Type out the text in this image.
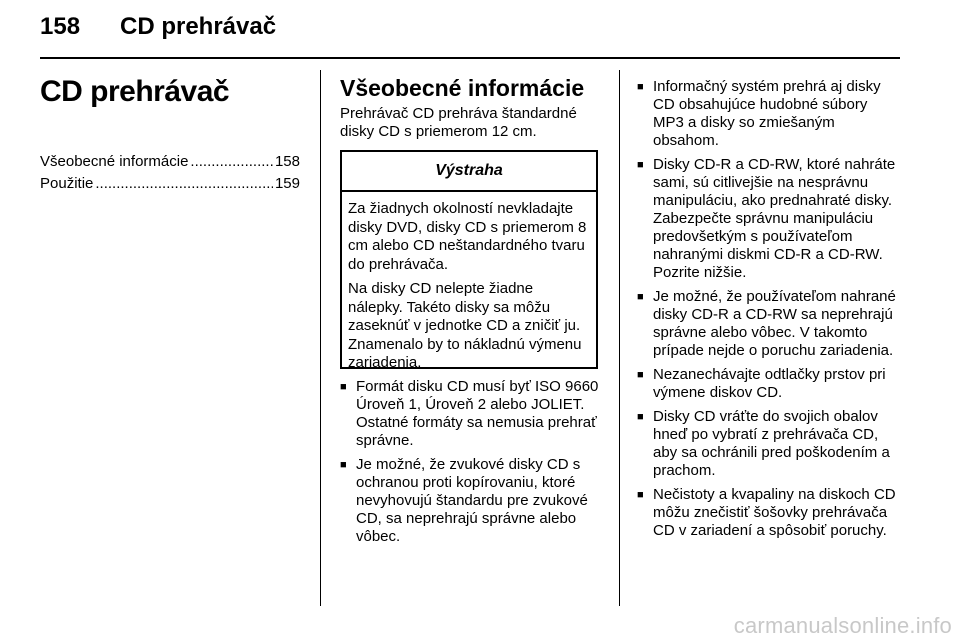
158 CD prehrávač
CD prehrávač
Všeobecné informácie .....	158
Použitie .....	159
Všeobecné informácie
Prehrávač CD prehráva štandardné disky CD s priemerom 12 cm.
Výstraha

Za žiadnych okolností nevkladajte disky DVD, disky CD s priemerom 8 cm alebo CD neštandardného tvaru do prehrávača.

Na disky CD nelepte žiadne nálepky. Takéto disky sa môžu zaseknúť v jednotke CD a zničiť ju. Znamenalo by to nákladnú výmenu zariadenia.

■ Formát disku CD musí byť ISO 9660 Úroveň 1, Úroveň 2 alebo JOLIET. Ostatné formáty sa nemusia prehrať správne.
■ Je možné, že zvukové disky CD s ochranou proti kopírovaniu, ktoré nevyhovujú štandardu pre zvukové CD, sa neprehrajú správne alebo vôbec.
■ Informačný systém prehrá aj disky CD obsahujúce hudobné súbory MP3 a disky so zmiešaným obsahom.
■ Disky CD-R a CD-RW, ktoré nahráte sami, sú citlivejšie na nesprávnu manipuláciu, ako prednahraté disky. Zabezpečte správnu manipuláciu predovšetkým s používateľom nahranými diskmi CD-R a CD-RW. Pozrite nižšie.
■ Je možné, že používateľom nahrané disky CD-R a CD-RW sa neprehrajú správne alebo vôbec. V takomto prípade nejde o poruchu zariadenia.
■ Nezanechávajte odtlačky prstov pri výmene diskov CD.
■ Disky CD vráťte do svojich obalov hneď po vybratí z prehrávača CD, aby sa ochránili pred poškodením a prachom.
■ Nečistoty a kvapaliny na diskoch CD môžu znečistiť šošovky prehrávača CD v zariadení a spôsobiť poruchy.
carmanualsonline.info
